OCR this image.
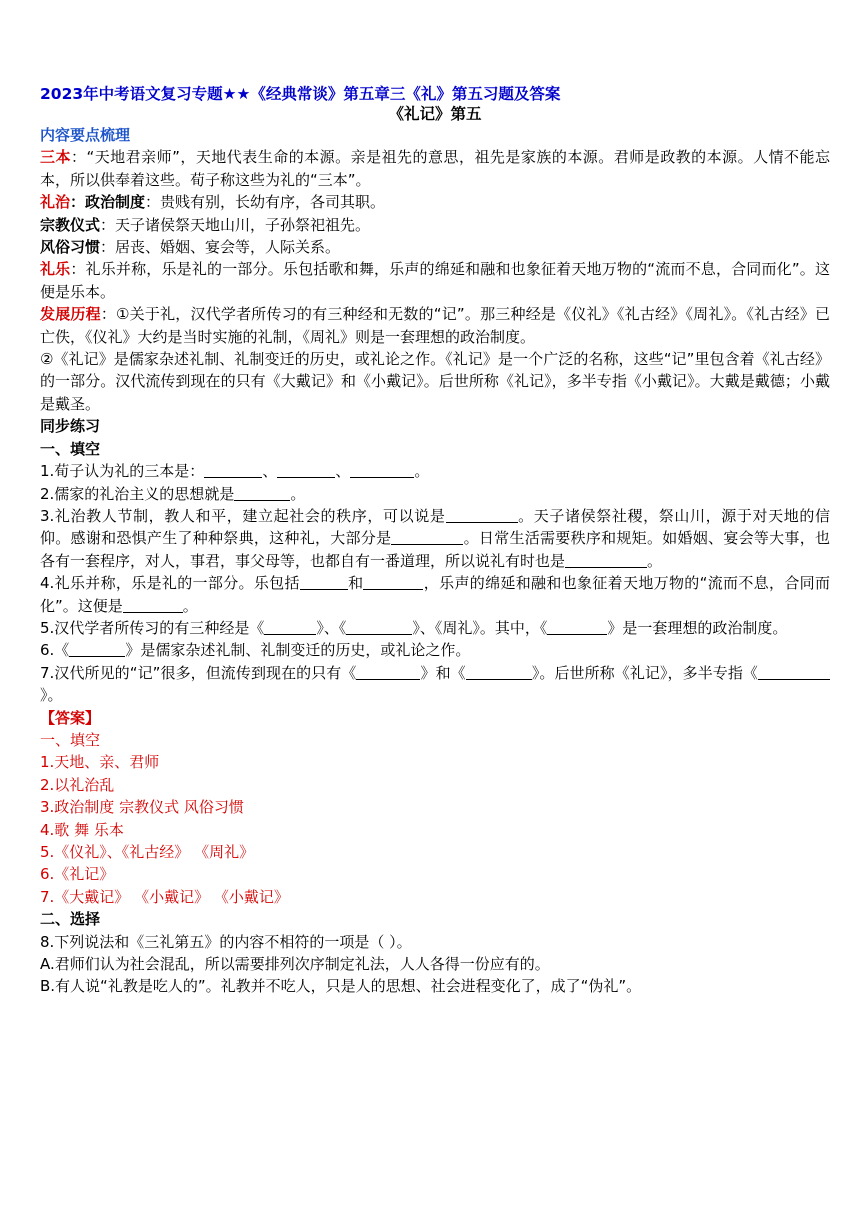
2023年中考语文复习专题★★《经典常谈》第五章三《礼》第五习题及答案

《礼记》第五

内容要点梳理

三本：“天地君亲师”，天地代表生命的本源。亲是祖先的意思，祖先是家族的本源。君师是政教的本源。人情不能忘本，所以供奉着这些。荀子称这些为礼的“三本”。

礼治：政治制度：贵贱有别，长幼有序，各司其职。

宗教仪式：天子诸侯祭天地山川，子孙祭祀祖先。

风俗习惯：居丧、婚姻、宴会等，人际关系。

礼乐：礼乐并称，乐是礼的一部分。乐包括歌和舞，乐声的绵延和融和也象征着天地万物的“流而不息，合同而化”。这便是乐本。

发展历程：①关于礼，汉代学者所传习的有三种经和无数的“记”。那三种经是《仪礼》《礼古经》《周礼》。《礼古经》已亡佚，《仪礼》大约是当时实施的礼制，《周礼》则是一套理想的政治制度。

②《礼记》是儒家杂述礼制、礼制变迁的历史，或礼论之作。《礼记》是一个广泛的名称，这些“记”里包含着《礼古经》的一部分。汉代流传到现在的只有《大戴记》和《小戴记》。后世所称《礼记》，多半专指《小戴记》。大戴是戴德；小戴是戴圣。

同步练习

一、填空

1.荀子认为礼的三本是：	、	、	。

2.儒家的礼治主义的思想就是	。

3.礼治教人节制，教人和平，建立起社会的秩序，可以说是	。天子诸侯祭社稷，祭山川，源于对天地的信仰。感谢和恐惧产生了种种祭典，这种礼，大部分是	。日常生活需要秩序和规矩。如婚姻、宴会等大事，也各有一套程序，对人，事君，事父母等，也都自有一番道理，所以说礼有时也是	。

4.礼乐并称，乐是礼的一部分。乐包括	和	，乐声的绵延和融和也象征着天地万物的“流而不息，合同而化”。这便是	。

5.汉代学者所传习的有三种经是《	》、《	》、《周礼》。其中，《	》是一套理想的政治制度。

6.《	》是儒家杂述礼制、礼制变迁的历史，或礼论之作。

7.汉代所见的“记”很多，但流传到现在的只有《	》和《	》。后世所称《礼记》，多半专指《》。

【答案】

一、填空

1.天地、亲、君师

2.以礼治乱

3.政治制度 宗教仪式 风俗习惯

4.歌 舞 乐本

5.《仪礼》、《礼古经》 《周礼》

6.《礼记》

7.《大戴记》 《小戴记》 《小戴记》

二、选择

8.下列说法和《三礼第五》的内容不相符的一项是（ ）。

A.君师们认为社会混乱，所以需要排列次序制定礼法，人人各得一份应有的。

B.有人说“礼教是吃人的”。礼教并不吃人，只是人的思想、社会进程变化了，成了“伪礼”。
